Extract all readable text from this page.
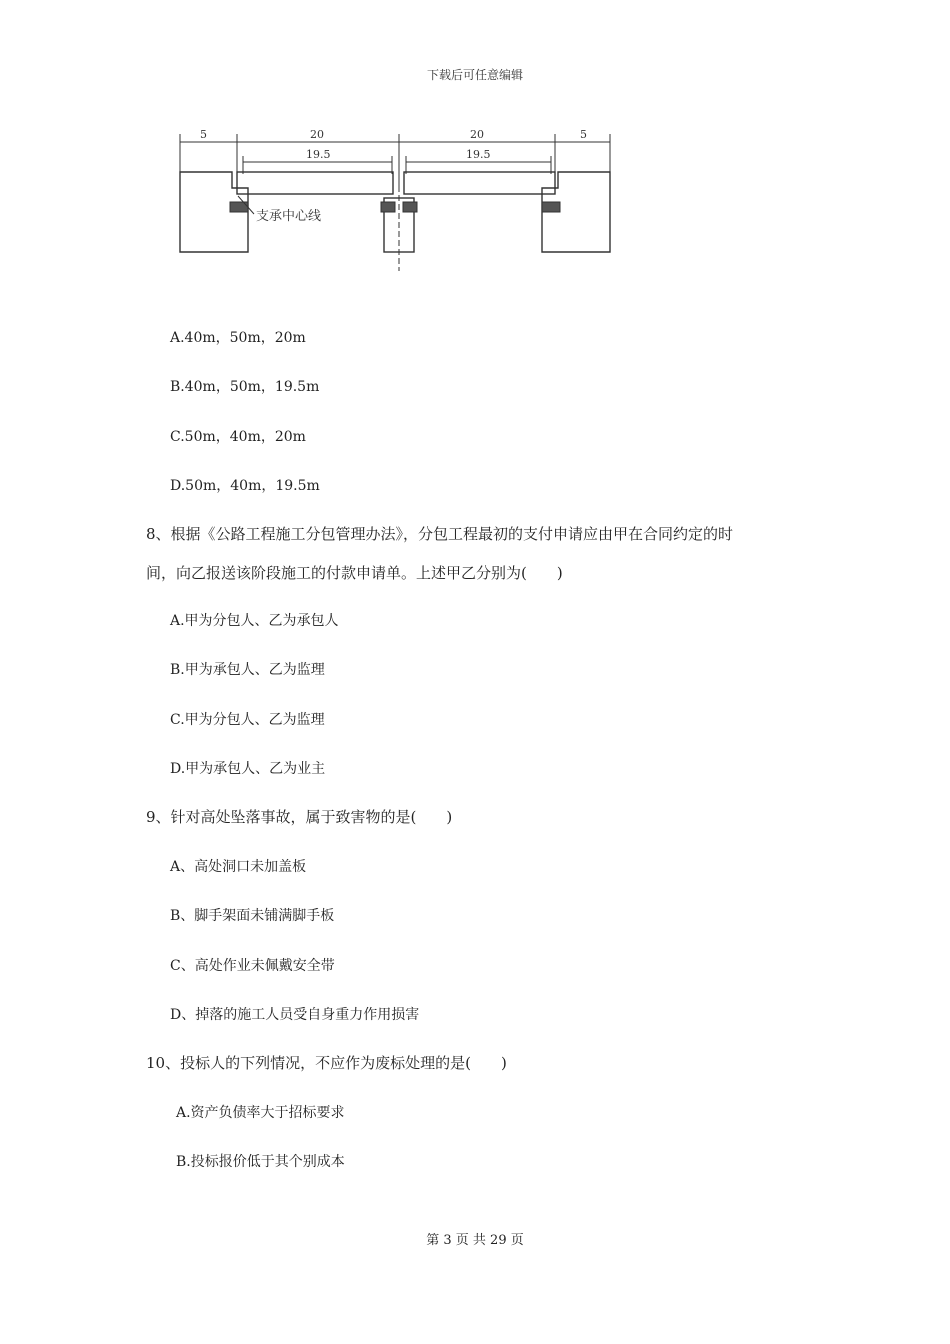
下载后可任意编辑
5	20	20	5
19.5	19.5
支承中心线
A.40m，50m，20m
B.40m，50m，19.5m
C.50m，40m，20m
D.50m，40m，19.5m
8、根据《公路工程施工分包管理办法》，分包工程最初的支付申请应由甲在合同约定的时
间，向乙报送该阶段施工的付款申请单。上述甲乙分别为(　　)
A.甲为分包人、乙为承包人
B.甲为承包人、乙为监理
C.甲为分包人、乙为监理
D.甲为承包人、乙为业主
9、针对高处坠落事故，属于致害物的是(　　)
A、高处洞口未加盖板
B、脚手架面未铺满脚手板
C、高处作业未佩戴安全带
D、掉落的施工人员受自身重力作用损害
10、投标人的下列情况，不应作为废标处理的是(　　)
A.资产负债率大于招标要求
B.投标报价低于其个别成本
第 3 页 共 29 页
